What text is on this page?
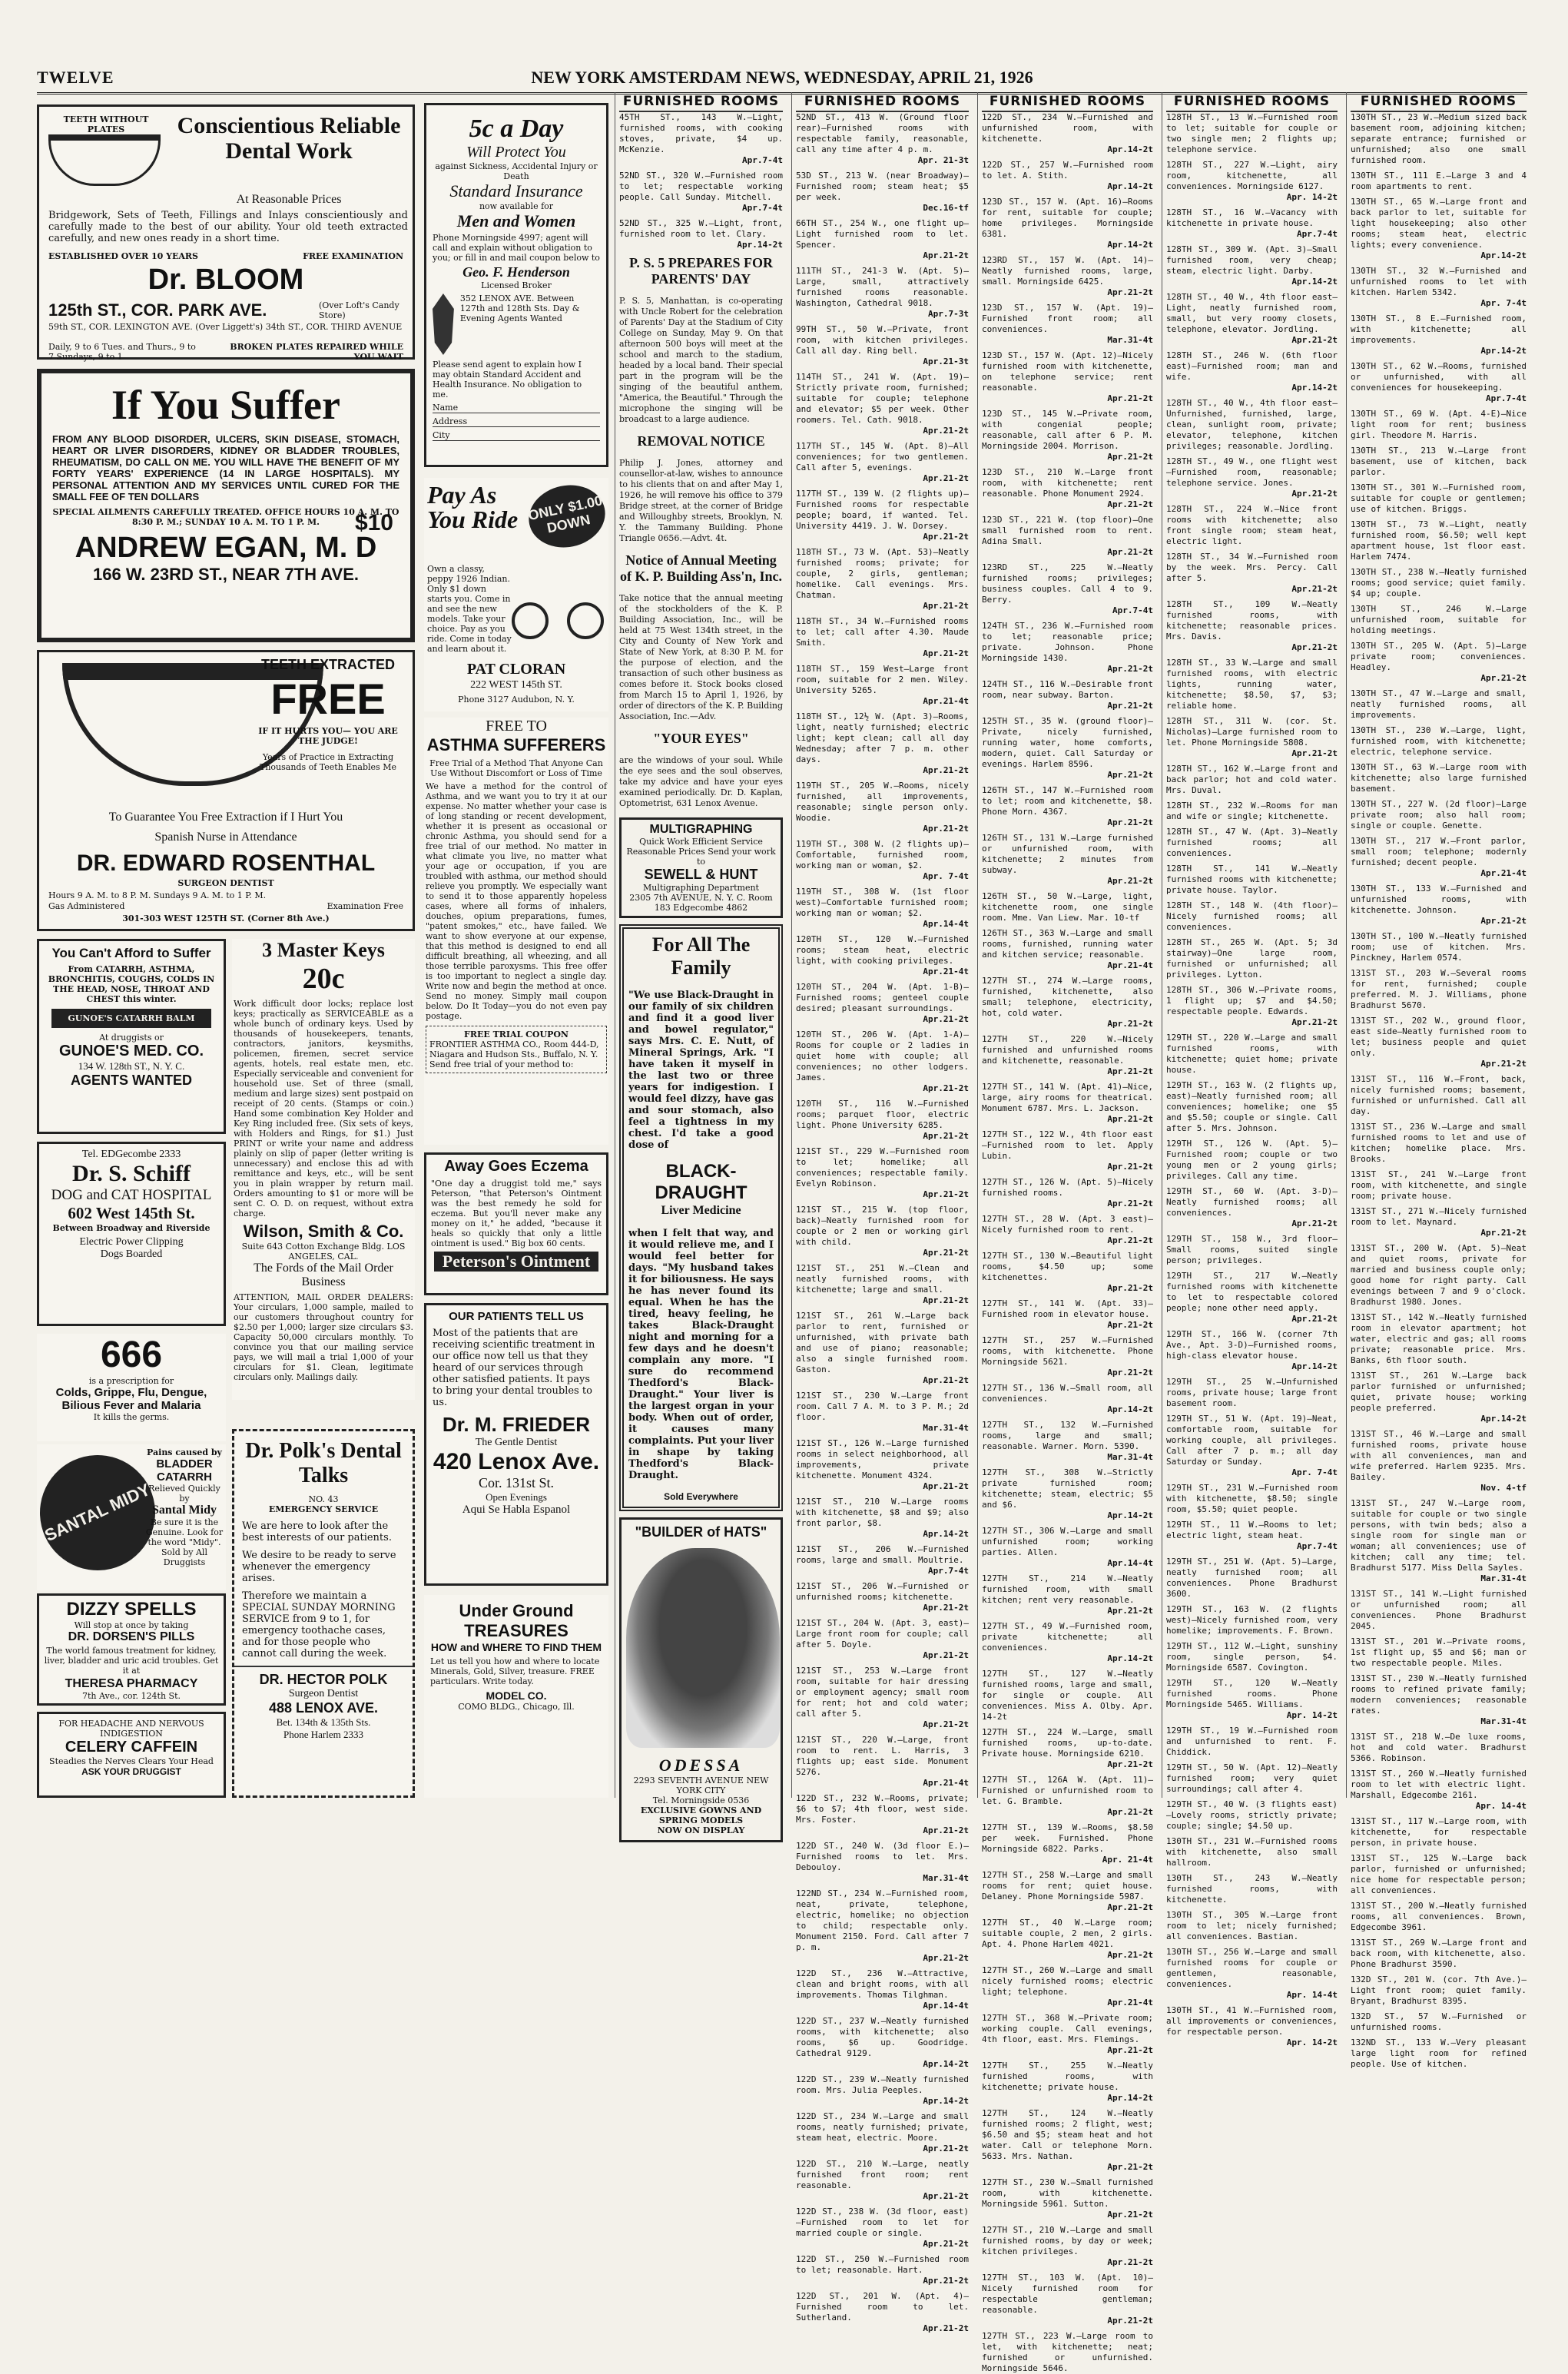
TWELVE	NEW YORK AMSTERDAM NEWS, WEDNESDAY, APRIL 21, 1926
TEETH WITHOUT PLATES	Conscientious Reliable Dental Work
At Reasonable Prices

Bridgework, Sets of Teeth, Fillings and Inlays conscientiously and carefully made to the best of our ability. Your old teeth extracted carefully, and new ones ready in a short time.

ESTABLISHED OVER 10 YEARS	FREE EXAMINATION
Dr. BLOOM
125th ST., COR. PARK AVE.	(Over Loft's Candy Store)
59th ST., COR. LEXINGTON AVE. (Over Liggett's) 34th ST., COR. THIRD AVENUE
Daily, 9 to 6 Tues. and Thurs., 9 to 7 Sundays, 9 to 1
BROKEN PLATES REPAIRED WHILE YOU WAIT
If You Suffer

FROM ANY BLOOD DISORDER, ULCERS, SKIN DISEASE, STOMACH, HEART OR LIVER DISORDERS, KIDNEY OR BLADDER TROUBLES, RHEUMATISM, DO CALL ON ME. YOU WILL HAVE THE BENEFIT OF MY FORTY YEARS' EXPERIENCE (14 IN LARGE HOSPITALS). MY PERSONAL ATTENTION AND MY SERVICES UNTIL CURED FOR THE SMALL FEE OF TEN DOLLARS

$10

SPECIAL AILMENTS CAREFULLY TREATED. OFFICE HOURS 10 A. M. TO 8:30 P. M.; SUNDAY 10 A. M. TO 1 P. M.

ANDREW EGAN, M. D
166 W. 23RD ST., NEAR 7TH AVE.
TEETH EXTRACTED
FREE
IF IT HURTS YOU— YOU ARE THE JUDGE!
Years of Practice in Extracting Thousands of Teeth Enables Me
To Guarantee You Free Extraction if I Hurt You
Spanish Nurse in Attendance
DR. EDWARD ROSENTHAL
SURGEON DENTIST
Hours 9 A. M. to 8 P. M. Sundays 9 A. M. to 1 P. M.
Gas Administered	Examination Free
301-303 WEST 125TH ST. (Corner 8th Ave.)
You Can't Afford to Suffer

From CATARRH, ASTHMA, BRONCHITIS, COUGHS, COLDS IN THE HEAD, NOSE, THROAT AND CHEST this winter.

GUNOE'S CATARRH BALM
At druggists or
GUNOE'S MED. CO.
134 W. 128th ST., N. Y. C.
AGENTS WANTED
Tel. EDGecombe 2333
Dr. S. Schiff
DOG and CAT HOSPITAL
602 West 145th St.
Between Broadway and Riverside
Electric Power Clipping
Dogs Boarded
666
is a prescription for
Colds, Grippe, Flu, Dengue, Bilious Fever and Malaria
It kills the germs.
SANTAL MIDY
Pains caused by
BLADDER CATARRH
Relieved Quickly by
Santal Midy
Be sure it is the Genuine. Look for the word "Midy". Sold by All Druggists
DIZZY SPELLS
Will stop at once by taking
DR. DORSEN'S PILLS

The world famous treatment for kidney, liver, bladder and uric acid troubles. Get it at

THERESA PHARMACY
7th Ave., cor. 124th St.
FOR HEADACHE AND NERVOUS INDIGESTION
CELERY CAFFEIN
Steadies the Nerves Clears Your Head
ASK YOUR DRUGGIST
3 Master Keys
20c

Work difficult door locks; replace lost keys; practically as SERVICEABLE as a whole bunch of ordinary keys. Used by thousands of housekeepers, tenants, contractors, janitors, keysmiths, policemen, firemen, secret service agents, hotels, real estate men, etc. Especially serviceable and convenient for household use. Set of three (small, medium and large sizes) sent postpaid on receipt of 20 cents. (Stamps or coin.) Hand some combination Key Holder and Key Ring included free. (Six sets of keys, with Holders and Rings, for $1.) Just PRINT or write your name and address plainly on slip of paper (letter writing is unnecessary) and enclose this ad with remittance and keys, etc., will be sent you in plain wrapper by return mail. Orders amounting to $1 or more will be sent C. O. D. on request, without extra charge.

Wilson, Smith & Co.
Suite 643 Cotton Exchange Bldg. LOS ANGELES, CAL.
The Fords of the Mail Order Business

ATTENTION, MAIL ORDER DEALERS: Your circulars, 1,000 sample, mailed to our customers throughout country for $2.50 per 1,000; larger size circulars $3. Capacity 50,000 circulars monthly. To convince you that our mailing service pays, we will mail a trial 1,000 of your circulars for $1. Clean, legitimate circulars only. Mailings daily.

Dr. Polk's Dental Talks
NO. 43
EMERGENCY SERVICE

We are here to look after the best interests of our patients.

We desire to be ready to serve whenever the emergency arises.

Therefore we maintain a SPECIAL SUNDAY MORNING SERVICE from 9 to 1, for emergency toothache cases, and for those people who cannot call during the week.

DR. HECTOR POLK
Surgeon Dentist
488 LENOX AVE.
Bet. 134th & 135th Sts.
Phone Harlem 2333
5c a Day
Will Protect You
against Sickness, Accidental Injury or Death
Standard Insurance
now available for
Men and Women

Phone Morningside 4997; agent will call and explain without obligation to you; or fill in and mail coupon below to

Geo. F. Henderson
Licensed Broker

352 LENOX AVE. Between 127th and 128th Sts. Day & Evening Agents Wanted

Please send agent to explain how I may obtain Standard Accident and Health Insurance. No obligation to me.

Name
Address
City
Pay As You Ride ONLY $1.00 DOWN

Own a classy, peppy 1926 Indian. Only $1 down starts you. Come in and see the new models. Take your choice. Pay as you ride. Come in today and learn about it.

PAT CLORAN
222 WEST 145th ST.
Phone 3127 Audubon, N. Y.
FREE TO
ASTHMA SUFFERERS

Free Trial of a Method That Anyone Can Use Without Discomfort or Loss of Time

We have a method for the control of Asthma, and we want you to try it at our expense. No matter whether your case is of long standing or recent development, whether it is present as occasional or chronic Asthma, you should send for a free trial of our method. No matter in what climate you live, no matter what your age or occupation, if you are troubled with asthma, our method should relieve you promptly. We especially want to send it to those apparently hopeless cases, where all forms of inhalers, douches, opium preparations, fumes, "patent smokes," etc., have failed. We want to show everyone at our expense, that this method is designed to end all difficult breathing, all wheezing, and all those terrible paroxysms. This free offer is too important to neglect a single day. Write now and begin the method at once. Send no money. Simply mail coupon below. Do It Today—you do not even pay postage.

FREE TRIAL COUPON

FRONTIER ASTHMA CO., Room 444-D, Niagara and Hudson Sts., Buffalo, N. Y. Send free trial of your method to:

Away Goes Eczema

"One day a druggist told me," says Peterson, "that Peterson's Ointment was the best remedy he sold for eczema. But you'll never make any money on it," he added, "because it heals so quickly that only a little ointment is used." Big box 60 cents.

Peterson's Ointment
OUR PATIENTS TELL US

Most of the patients that are receiving scientific treatment in our office now tell us that they heard of our services through other satisfied patients. It pays to bring your dental troubles to us.

Dr. M. FRIEDER
The Gentle Dentist
420 Lenox Ave.
Cor. 131st St.
Open Evenings
Aqui Se Habla Espanol
Under Ground TREASURES
HOW and WHERE TO FIND THEM

Let us tell you how and where to locate Minerals, Gold, Silver, treasure. FREE particulars. Write today.

MODEL CO.
COMO BLDG., Chicago, Ill.
FURNISHED ROOMS

45TH ST., 143 W.—Light, furnished rooms, with cooking stoves, private, $4 up. McKenzie.
Apr.7-4t

52ND ST., 320 W.—Furnished room to let; respectable working people. Call Sunday. Mitchell.
Apr.7-4t

52ND ST., 325 W.—Light, front, furnished room to let. Clary.
Apr.14-2t

P. S. 5 PREPARES FOR PARENTS' DAY

P. S. 5, Manhattan, is co-operating with Uncle Robert for the celebration of Parents' Day at the Stadium of City College on Sunday, May 9. On that afternoon 500 boys will meet at the school and march to the stadium, headed by a local band. Their special part in the program will be the singing of the beautiful anthem, "America, the Beautiful." Through the microphone the singing will be broadcast to a large audience.

REMOVAL NOTICE

Philip J. Jones, attorney and counsellor-at-law, wishes to announce to his clients that on and after May 1, 1926, he will remove his office to 379 Bridge street, at the corner of Bridge and Willoughby streets, Brooklyn, N. Y. the Tammany Building. Phone Triangle 0656.—Advt. 4t.

Notice of Annual Meeting of K. P. Building Ass'n, Inc.

Take notice that the annual meeting of the stockholders of the K. P. Building Association, Inc., will be held at 75 West 134th street, in the City and County of New York and State of New York, at 8:30 P. M. for the purpose of election, and the transaction of such other business as comes before it. Stock books closed from March 15 to April 1, 1926, by order of directors of the K. P. Building Association, Inc.—Adv.

"YOUR EYES"

are the windows of your soul. While the eye sees and the soul observes, take my advice and have your eyes examined periodically. Dr. D. Kaplan, Optometrist, 631 Lenox Avenue.

MULTIGRAPHING
Quick Work Efficient Service Reasonable Prices Send your work to
SEWELL & HUNT
Multigraphing Department
2305 7th AVENUE, N. Y. C. Room 183 Edgecombe 4862
For All The Family

"We use Black-Draught in our family of six children and find it a good liver and bowel regulator," says Mrs. C. E. Nutt, of Mineral Springs, Ark. "I have taken it myself in the last two or three years for indigestion. I would feel dizzy, have gas and sour stomach, also feel a tightness in my chest. I'd take a good dose of

BLACK-DRAUGHT
Liver Medicine

when I felt that way, and it would relieve me, and I would feel better for days. "My husband takes it for biliousness. He says he has never found its equal. When he has the tired, heavy feeling, he takes Black-Draught night and morning for a few days and he doesn't complain any more. "I sure do recommend Thedford's Black-Draught." Your liver is the largest organ in your body. When out of order, it causes many complaints. Put your liver in shape by taking Thedford's Black-Draught.

Sold Everywhere
"BUILDER of HATS"
ODESSA
2293 SEVENTH AVENUE NEW YORK CITY
Tel. Morningside 0536
EXCLUSIVE GOWNS AND SPRING MODELS
NOW ON DISPLAY
FURNISHED ROOMS

52ND ST., 413 W. (Ground floor rear)—Furnished rooms with respectable family, reasonable, call any time after 4 p. m.
Apr. 21-3t

53D ST., 213 W. (near Broadway)—Furnished room; steam heat; $5 per week.
Dec.16-tf

66TH ST., 254 W., one flight up—Light furnished room to let. Spencer.
Apr.21-2t

111TH ST., 241-3 W. (Apt. 5)—Large, small, attractively furnished rooms reasonable. Washington, Cathedral 9018.
Apr.7-3t

99TH ST., 50 W.—Private, front room, with kitchen privileges. Call all day. Ring bell.
Apr.21-3t

114TH ST., 241 W. (Apt. 19)—Strictly private room, furnished; suitable for couple; telephone and elevator; $5 per week. Other roomers. Tel. Cath. 9018.
Apr.21-2t

117TH ST., 145 W. (Apt. 8)—All conveniences; for two gentlemen. Call after 5, evenings.
Apr.21-2t

117TH ST., 139 W. (2 flights up)—Furnished rooms for respectable people; board, if wanted. Tel. University 4419. J. W. Dorsey.
Apr.21-2t

118TH ST., 73 W. (Apt. 53)—Neatly furnished rooms; private; for couple, 2 girls, gentleman; homelike. Call evenings. Mrs. Chatman.
Apr.21-2t

118TH ST., 34 W.—Furnished rooms to let; call after 4.30. Maude Smith.
Apr.21-2t

118TH ST., 159 West—Large front room, suitable for 2 men. Wiley. University 5265.
Apr.21-4t

118TH ST., 12½ W. (Apt. 3)—Rooms, light, neatly furnished; electric light; kept clean; call all day Wednesday; after 7 p. m. other days.
Apr.21-2t

119TH ST., 205 W.—Rooms, nicely furnished, all improvements, reasonable; single person only. Woodie.
Apr.21-2t

119TH ST., 308 W. (2 flights up)—Comfortable, furnished room, working man or woman, $2.
Apr. 7-4t

119TH ST., 308 W. (1st floor west)—Comfortable furnished room; working man or woman; $2.
Apr.14-4t

120TH ST., 120 W.—Furnished rooms; steam heat, electric light, with cooking privileges.
Apr.21-4t

120TH ST., 204 W. (Apt. 1-B)—Furnished rooms; genteel couple desired; pleasant surroundings.
Apr.21-2t

120TH ST., 206 W. (Apt. 1-A)—Rooms for couple or 2 ladies in quiet home with couple; all conveniences; no other lodgers. James.
Apr.21-2t

120TH ST., 116 W.—Furnished rooms; parquet floor, electric light. Phone University 6285.
Apr.21-2t

121ST ST., 229 W.—Furnished room to let; homelike; all conveniences; respectable family. Evelyn Robinson.
Apr.21-2t

121ST ST., 215 W. (top floor, back)—Neatly furnished room for couple or 2 men or working girl with child.
Apr.21-2t

121ST ST., 251 W.—Clean and neatly furnished rooms, with kitchenette; large and small.
Apr.21-2t

121ST ST., 261 W.—Large back parlor to rent, furnished or unfurnished, with private bath and use of piano; reasonable; also a single furnished room. Gaston.
Apr.21-2t

121ST ST., 230 W.—Large front room. Call 7 A. M. to 3 P. M.; 2d floor.
Mar.31-4t

121ST ST., 126 W.—Large furnished rooms in select neighborhood, all improvements, private kitchenette. Monument 4324.
Apr.21-2t

121ST ST., 210 W.—Large rooms with kitchenette, $8 and $9; also front parlor, $8.
Apr.14-2t

121ST ST., 206 W.—Furnished rooms, large and small. Moultrie.
Apr.7-4t

121ST ST., 206 W.—Furnished or unfurnished rooms; kitchenette.
Apr.21-2t

121ST ST., 204 W. (Apt. 3, east)—Large front room for couple; call after 5. Doyle.
Apr.21-2t

121ST ST., 253 W.—Large front room, suitable for hair dressing or employment agency; small room for rent; hot and cold water; call after 5.
Apr.21-2t

121ST ST., 220 W.—Large, front room to rent. L. Harris, 3 flights up; east side. Monument 5276.
Apr.21-4t

122D ST., 232 W.—Rooms, private; $6 to $7; 4th floor, west side. Mrs. Foster.
Apr.21-2t

122D ST., 240 W. (3d floor E.)—Furnished rooms to let. Mrs. Debouloy.
Mar.31-4t

122ND ST., 234 W.—Furnished room, neat, private, telephone, electric, homelike; no objection to child; respectable only. Monument 2150. Ford. Call after 7 p. m.
Apr.21-2t

122D ST., 236 W.—Attractive, clean and bright rooms, with all improvements. Thomas Tilghman.
Apr.14-4t

122D ST., 237 W.—Neatly furnished rooms, with kitchenette; also rooms, $6 up. Goodridge. Cathedral 9129.
Apr.14-2t

122D ST., 239 W.—Neatly furnished room. Mrs. Julia Peeples.
Apr.14-2t

122D ST., 234 W.—Large and small rooms, neatly furnished; private, steam heat, electric. Moore.
Apr.21-2t

122D ST., 210 W.—Large, neatly furnished front room; rent reasonable.
Apr.21-2t

122D ST., 238 W. (3d floor, east)—Furnished room to let for married couple or single.
Apr.21-2t

122D ST., 250 W.—Furnished room to let; reasonable. Hart.
Apr.21-2t

122D ST., 201 W. (Apt. 4)—Furnished room to let. Sutherland.
Apr.21-2t

FURNISHED ROOMS

122D ST., 234 W.—Furnished and unfurnished room, with kitchenette.
Apr.14-2t

122D ST., 257 W.—Furnished room to let. A. Stith.
Apr.14-2t

123D ST., 157 W. (Apt. 16)—Rooms for rent, suitable for couple; home privileges. Morningside 6381.
Apr.14-2t

123RD ST., 157 W. (Apt. 14)—Neatly furnished rooms, large, small. Morningside 6425.
Apr.21-2t

123D ST., 157 W. (Apt. 19)—Furnished front room; all conveniences.
Mar.31-4t

123D ST., 157 W. (Apt. 12)—Nicely furnished room with kitchenette, on telephone service; rent reasonable.
Apr.21-2t

123D ST., 145 W.—Private room, with congenial people; reasonable, call after 6 P. M. Morningside 2004. Morrison.
Apr.21-2t

123D ST., 210 W.—Large front room, with kitchenette; rent reasonable. Phone Monument 2924.
Apr.21-2t

123D ST., 221 W. (top floor)—One small furnished room to rent. Adina Small.
Apr.21-2t

123RD ST., 225 W.—Neatly furnished rooms; privileges; business couples. Call 4 to 9. Berry.
Apr.7-4t

124TH ST., 236 W.—Furnished room to let; reasonable price; private. Johnson. Phone Morningside 1430.
Apr.21-2t

124TH ST., 116 W.—Desirable front room, near subway. Barton.
Apr.21-2t

125TH ST., 35 W. (ground floor)—Private, nicely furnished, running water, home comforts, modern, quiet. Call Saturday or evenings. Harlem 8596.
Apr.21-2t

126TH ST., 147 W.—Furnished room to let; room and kitchenette, $8. Phone Morn. 4367.
Apr.21-2t

126TH ST., 131 W.—Large furnished or unfurnished room, with kitchenette; 2 minutes from subway.
Apr.21-2t

126TH ST., 50 W.—Large, light, kitchenette room, one single room. Mme. Van Liew. Mar. 10-tf

126TH ST., 363 W.—Large and small rooms, furnished, running water and kitchen service; reasonable.
Apr.21-4t

127TH ST., 274 W.—Large rooms, furnished, kitchenette, also small; telephone, electricity, hot, cold water.
Apr.21-2t

127TH ST., 220 W.—Nicely furnished and unfurnished rooms and kitchenette, reasonable.
Apr.21-2t

127TH ST., 141 W. (Apt. 41)—Nice, large, airy rooms for theatrical. Monument 6787. Mrs. L. Jackson.
Apr.21-2t

127TH ST., 122 W., 4th floor east—Furnished room to let. Apply Lubin.
Apr.21-2t

127TH ST., 126 W. (Apt. 5)—Nicely furnished rooms.
Apr.21-2t

127TH ST., 28 W. (Apt. 3 east)—Nicely furnished room to rent.
Apr.21-2t

127TH ST., 130 W.—Beautiful light rooms, $4.50 up; some kitchenettes.
Apr.21-2t

127TH ST., 141 W. (Apt. 33)—Furnished room in elevator house.
Apr.21-2t

127TH ST., 257 W.—Furnished rooms, with kitchenette. Phone Morningside 5621.
Apr.21-2t

127TH ST., 136 W.—Small room, all conveniences.
Apr.14-2t

127TH ST., 132 W.—Furnished rooms, large and small; reasonable. Warner. Morn. 5390.
Mar.31-4t

127TH ST., 308 W.—Strictly private furnished room; kitchenette; steam, electric; $5 and $6.
Apr.14-2t

127TH ST., 306 W.—Large and small unfurnished room; working parties. Allen.
Apr.14-4t

127TH ST., 214 W.—Neatly furnished room, with small kitchen; rent very reasonable.
Apr.21-2t

127TH ST., 49 W.—Furnished room, private kitchenette; all conveniences.
Apr.14-2t

127TH ST., 127 W.—Neatly furnished rooms, large and small, for single or couple. All conveniences. Miss A. Olby. Apr. 14-2t

127TH ST., 224 W.—Large, small furnished rooms, up-to-date. Private house. Morningside 6210.
Apr.21-2t

127TH ST., 126A W. (Apt. 11)—Furnished or unfurnished room to let. G. Bramble.
Apr.21-2t

127TH ST., 139 W.—Rooms, $8.50 per week. Furnished. Phone Morningside 6822. Parks.
Apr. 21-4t

127TH ST., 258 W.—Large and small rooms for rent; quiet house. Delaney. Phone Morningside 5987.
Apr.21-2t

127TH ST., 40 W.—Large room; suitable couple, 2 men, 2 girls. Apt. 4. Phone Harlem 4021.
Apr.21-2t

127TH ST., 260 W.—Large and small nicely furnished rooms; electric light; telephone.
Apr.21-4t

127TH ST., 368 W.—Private room; working couple. Call evenings, 4th floor, east. Mrs. Flemings.
Apr.21-2t

127TH ST., 255 W.—Neatly furnished rooms, with kitchenette; private house.
Apr.14-2t

127TH ST., 124 W.—Neatly furnished rooms; 2 flight, west; $6.50 and $5; steam heat and hot water. Call or telephone Morn. 5633. Mrs. Nathan.
Apr.21-2t

127TH ST., 230 W.—Small furnished room, with kitchenette. Morningside 5961. Sutton.
Apr.21-2t

127TH ST., 210 W.—Large and small furnished rooms, by day or week; kitchen privileges.
Apr.21-2t

127TH ST., 103 W. (Apt. 10)—Nicely furnished room for respectable gentleman; reasonable.
Apr.21-2t

127TH ST., 223 W.—Large room to let, with kitchenette; neat; furnished or unfurnished. Morningside 5646.

FURNISHED ROOMS

128TH ST., 13 W.—Furnished room to let; suitable for couple or two single men; 2 flights up; telephone service.

128TH ST., 227 W.—Light, airy room, kitchenette, all conveniences. Morningside 6127.
Apr. 14-2t

128TH ST., 16 W.—Vacancy with kitchenette in private house.
Apr.7-4t

128TH ST., 309 W. (Apt. 3)—Small furnished room, very cheap; steam, electric light. Darby.
Apr.14-2t

128TH ST., 40 W., 4th floor east—Light, neatly furnished room, small, but very roomy closets, telephone, elevator. Jordling.
Apr.21-2t

128TH ST., 246 W. (6th floor east)—Furnished room; man and wife.
Apr.14-2t

128TH ST., 40 W., 4th floor east—Unfurnished, furnished, large, clean, sunlight room, private; elevator, telephone, kitchen privileges; reasonable. Jordling.

128TH ST., 49 W., one flight west—Furnished room, reasonable; telephone service. Jones.
Apr.21-2t

128TH ST., 224 W.—Nice front rooms with kitchenette; also front single room; steam heat, electric light.

128TH ST., 34 W.—Furnished room by the week. Mrs. Percy. Call after 5.
Apr.21-2t

128TH ST., 109 W.—Neatly furnished rooms, with kitchenette; reasonable prices. Mrs. Davis.
Apr.21-2t

128TH ST., 33 W.—Large and small furnished rooms, with electric lights, running water, kitchenette; $8.50, $7, $3; reliable home.

128TH ST., 311 W. (cor. St. Nicholas)—Large furnished room to let. Phone Morningside 5808.
Apr.21-2t

128TH ST., 162 W.—Large front and back parlor; hot and cold water. Mrs. Duval.

128TH ST., 232 W.—Rooms for man and wife or single; kitchenette.

128TH ST., 47 W. (Apt. 3)—Neatly furnished rooms; all conveniences.

128TH ST., 141 W.—Neatly furnished rooms with kitchenette; private house. Taylor.

128TH ST., 148 W. (4th floor)—Nicely furnished rooms; all conveniences.

128TH ST., 265 W. (Apt. 5; 3d stairway)—One large room, furnished or unfurnished; all privileges. Lytton.

128TH ST., 306 W.—Private rooms, 1 flight up; $7 and $4.50; respectable people. Edwards.
Apr.21-2t

129TH ST., 220 W.—Large and small furnished rooms, with kitchenette; quiet home; private house.

129TH ST., 163 W. (2 flights up, east)—Neatly furnished room; all conveniences; homelike; one $5 and $5.50; couple or single. Call after 5. Mrs. Johnson.

129TH ST., 126 W. (Apt. 5)—Furnished room; couple or two young men or 2 young girls; privileges. Call any time.

129TH ST., 60 W. (Apt. 3-D)—Neatly furnished rooms; all conveniences.
Apr.21-2t

129TH ST., 158 W., 3rd floor—Small rooms, suited single person; privileges.

129TH ST., 217 W.—Neatly furnished rooms with kitchenette to let to respectable colored people; none other need apply.
Apr.21-2t

129TH ST., 166 W. (corner 7th Ave., Apt. 3-D)—Furnished rooms, high-class elevator house.
Apr.14-2t

129TH ST., 25 W.—Unfurnished rooms, private house; large front basement room.

129TH ST., 51 W. (Apt. 19)—Neat, comfortable room, suitable for working couple, all privileges. Call after 7 p. m.; all day Saturday or Sunday.
Apr. 7-4t

129TH ST., 231 W.—Furnished room with kitchenette, $8.50; single room, $5.50; quiet people.

129TH ST., 11 W.—Rooms to let; electric light, steam heat.
Apr.7-4t

129TH ST., 251 W. (Apt. 5)—Large, neatly furnished room; all conveniences. Phone Bradhurst 3600.

129TH ST., 163 W. (2 flights west)—Nicely furnished room, very homelike; improvements. F. Brown.

129TH ST., 112 W.—Light, sunshiny room, single person, $4. Morningside 6587. Covington.

129TH ST., 120 W.—Neatly furnished rooms. Phone Morningside 5465. Williams.
Apr. 14-2t

129TH ST., 19 W.—Furnished room and unfurnished to rent. F. Chiddick.

129TH ST., 50 W. (Apt. 12)—Neatly furnished room; very quiet surroundings; call after 4.

129TH ST., 40 W. (3 flights east)—Lovely rooms, strictly private; couple; single; $4.50 up.

130TH ST., 231 W.—Furnished rooms with kitchenette, also small hallroom.

130TH ST., 243 W.—Neatly furnished rooms, with kitchenette.

130TH ST., 305 W.—Large front room to let; nicely furnished; all conveniences. Bastian.

130TH ST., 256 W.—Large and small furnished rooms for couple or gentlemen, reasonable, conveniences.
Apr. 14-4t

130TH ST., 41 W.—Furnished room, all improvements or conveniences, for respectable person.
Apr. 14-2t

FURNISHED ROOMS

130TH ST., 23 W.—Medium sized back basement room, adjoining kitchen; separate entrance; furnished or unfurnished; also one small furnished room.

130TH ST., 111 E.—Large 3 and 4 room apartments to rent.

130TH ST., 65 W.—Large front and back parlor to let, suitable for light housekeeping; also other rooms; steam heat, electric lights; every convenience.
Apr.14-2t

130TH ST., 32 W.—Furnished and unfurnished rooms to let with kitchen. Harlem 5342.
Apr. 7-4t

130TH ST., 8 E.—Furnished room, with kitchenette; all improvements.
Apr.14-2t

130TH ST., 62 W.—Rooms, furnished or unfurnished, with all conveniences for housekeeping.
Apr.7-4t

130TH ST., 69 W. (Apt. 4-E)—Nice light room for rent; business girl. Theodore M. Harris.

130TH ST., 213 W.—Large front basement, use of kitchen, back parlor.

130TH ST., 301 W.—Furnished room, suitable for couple or gentlemen; use of kitchen. Briggs.

130TH ST., 73 W.—Light, neatly furnished room, $6.50; well kept apartment house, 1st floor east. Harlem 7474.

130TH ST., 238 W.—Neatly furnished rooms; good service; quiet family. $4 up; couple.

130TH ST., 246 W.—Large unfurnished room, suitable for holding meetings.

130TH ST., 205 W. (Apt. 5)—Large private room; conveniences. Headley.
Apr.21-2t

130TH ST., 47 W.—Large and small, neatly furnished rooms, all improvements.

130TH ST., 230 W.—Large, light, furnished room, with kitchenette; electric, telephone service.

130TH ST., 63 W.—Large room with kitchenette; also large furnished basement.

130TH ST., 227 W. (2d floor)—Large private room; also hall room; single or couple. Genette.

130TH ST., 217 W.—Front parlor, small room; telephone; modernly furnished; decent people.
Apr.21-4t

130TH ST., 133 W.—Furnished and unfurnished rooms, with kitchenette. Johnson.
Apr.21-2t

130TH ST., 100 W.—Neatly furnished room; use of kitchen. Mrs. Pinckney, Harlem 0574.

131ST ST., 203 W.—Several rooms for rent, furnished; couple preferred. M. J. Williams, phone Bradhurst 5670.

131ST ST., 202 W., ground floor, east side—Neatly furnished room to let; business people and quiet only.
Apr.21-2t

131ST ST., 116 W.—Front, back, nicely furnished rooms; basement, furnished or unfurnished. Call all day.

131ST ST., 236 W.—Large and small furnished rooms to let and use of kitchen; homelike place. Mrs. Brooks.

131ST ST., 241 W.—Large front room, with kitchenette, and single room; private house.

131ST ST., 271 W.—Nicely furnished room to let. Maynard.
Apr.21-2t

131ST ST., 200 W. (Apt. 5)—Neat and quiet rooms, private for married and business couple only; good home for right party. Call evenings between 7 and 9 o'clock. Bradhurst 1980. Jones.

131ST ST., 142 W.—Neatly furnished room in elevator apartment; hot water, electric and gas; all rooms private; reasonable price. Mrs. Banks, 6th floor south.

131ST ST., 261 W.—Large back parlor furnished or unfurnished; quiet, private house; working people preferred.
Apr.14-2t

131ST ST., 46 W.—Large and small furnished rooms, private house with all conveniences, man and wife preferred. Harlem 9235. Mrs. Bailey.
Nov. 4-tf

131ST ST., 247 W.—Large room, suitable for couple or two single persons, with twin beds; also a single room for single man or woman; all conveniences; use of kitchen; call any time; tel. Bradhurst 5177. Miss Della Sayles.
Mar.31-4t

131ST ST., 141 W.—Light furnished or unfurnished room; all conveniences. Phone Bradhurst 2045.

131ST ST., 201 W.—Private rooms, 1st flight up, $5 and $6; man or two respectable people. Miles.

131ST ST., 230 W.—Neatly furnished rooms to refined private family; modern conveniences; reasonable rates.
Mar.31-4t

131ST ST., 218 W.—De luxe rooms, hot and cold water. Bradhurst 5366. Robinson.

131ST ST., 260 W.—Neatly furnished room to let with electric light. Marshall, Edgecombe 2161.
Apr. 14-4t

131ST ST., 117 W.—Large room, with kitchenette, for respectable person, in private house.

131ST ST., 125 W.—Large back parlor, furnished or unfurnished; nice home for respectable person; all conveniences.

131ST ST., 200 W.—Neatly furnished rooms, all conveniences. Brown, Edgecombe 3961.

131ST ST., 269 W.—Large front and back room, with kitchenette, also. Phone Bradhurst 3590.

132D ST., 201 W. (cor. 7th Ave.)—Light front room; quiet family. Bryant, Bradhurst 8395.

132D ST., 57 W.—Furnished or unfurnished rooms.

132ND ST., 133 W.—Very pleasant large light room for refined people. Use of kitchen.
